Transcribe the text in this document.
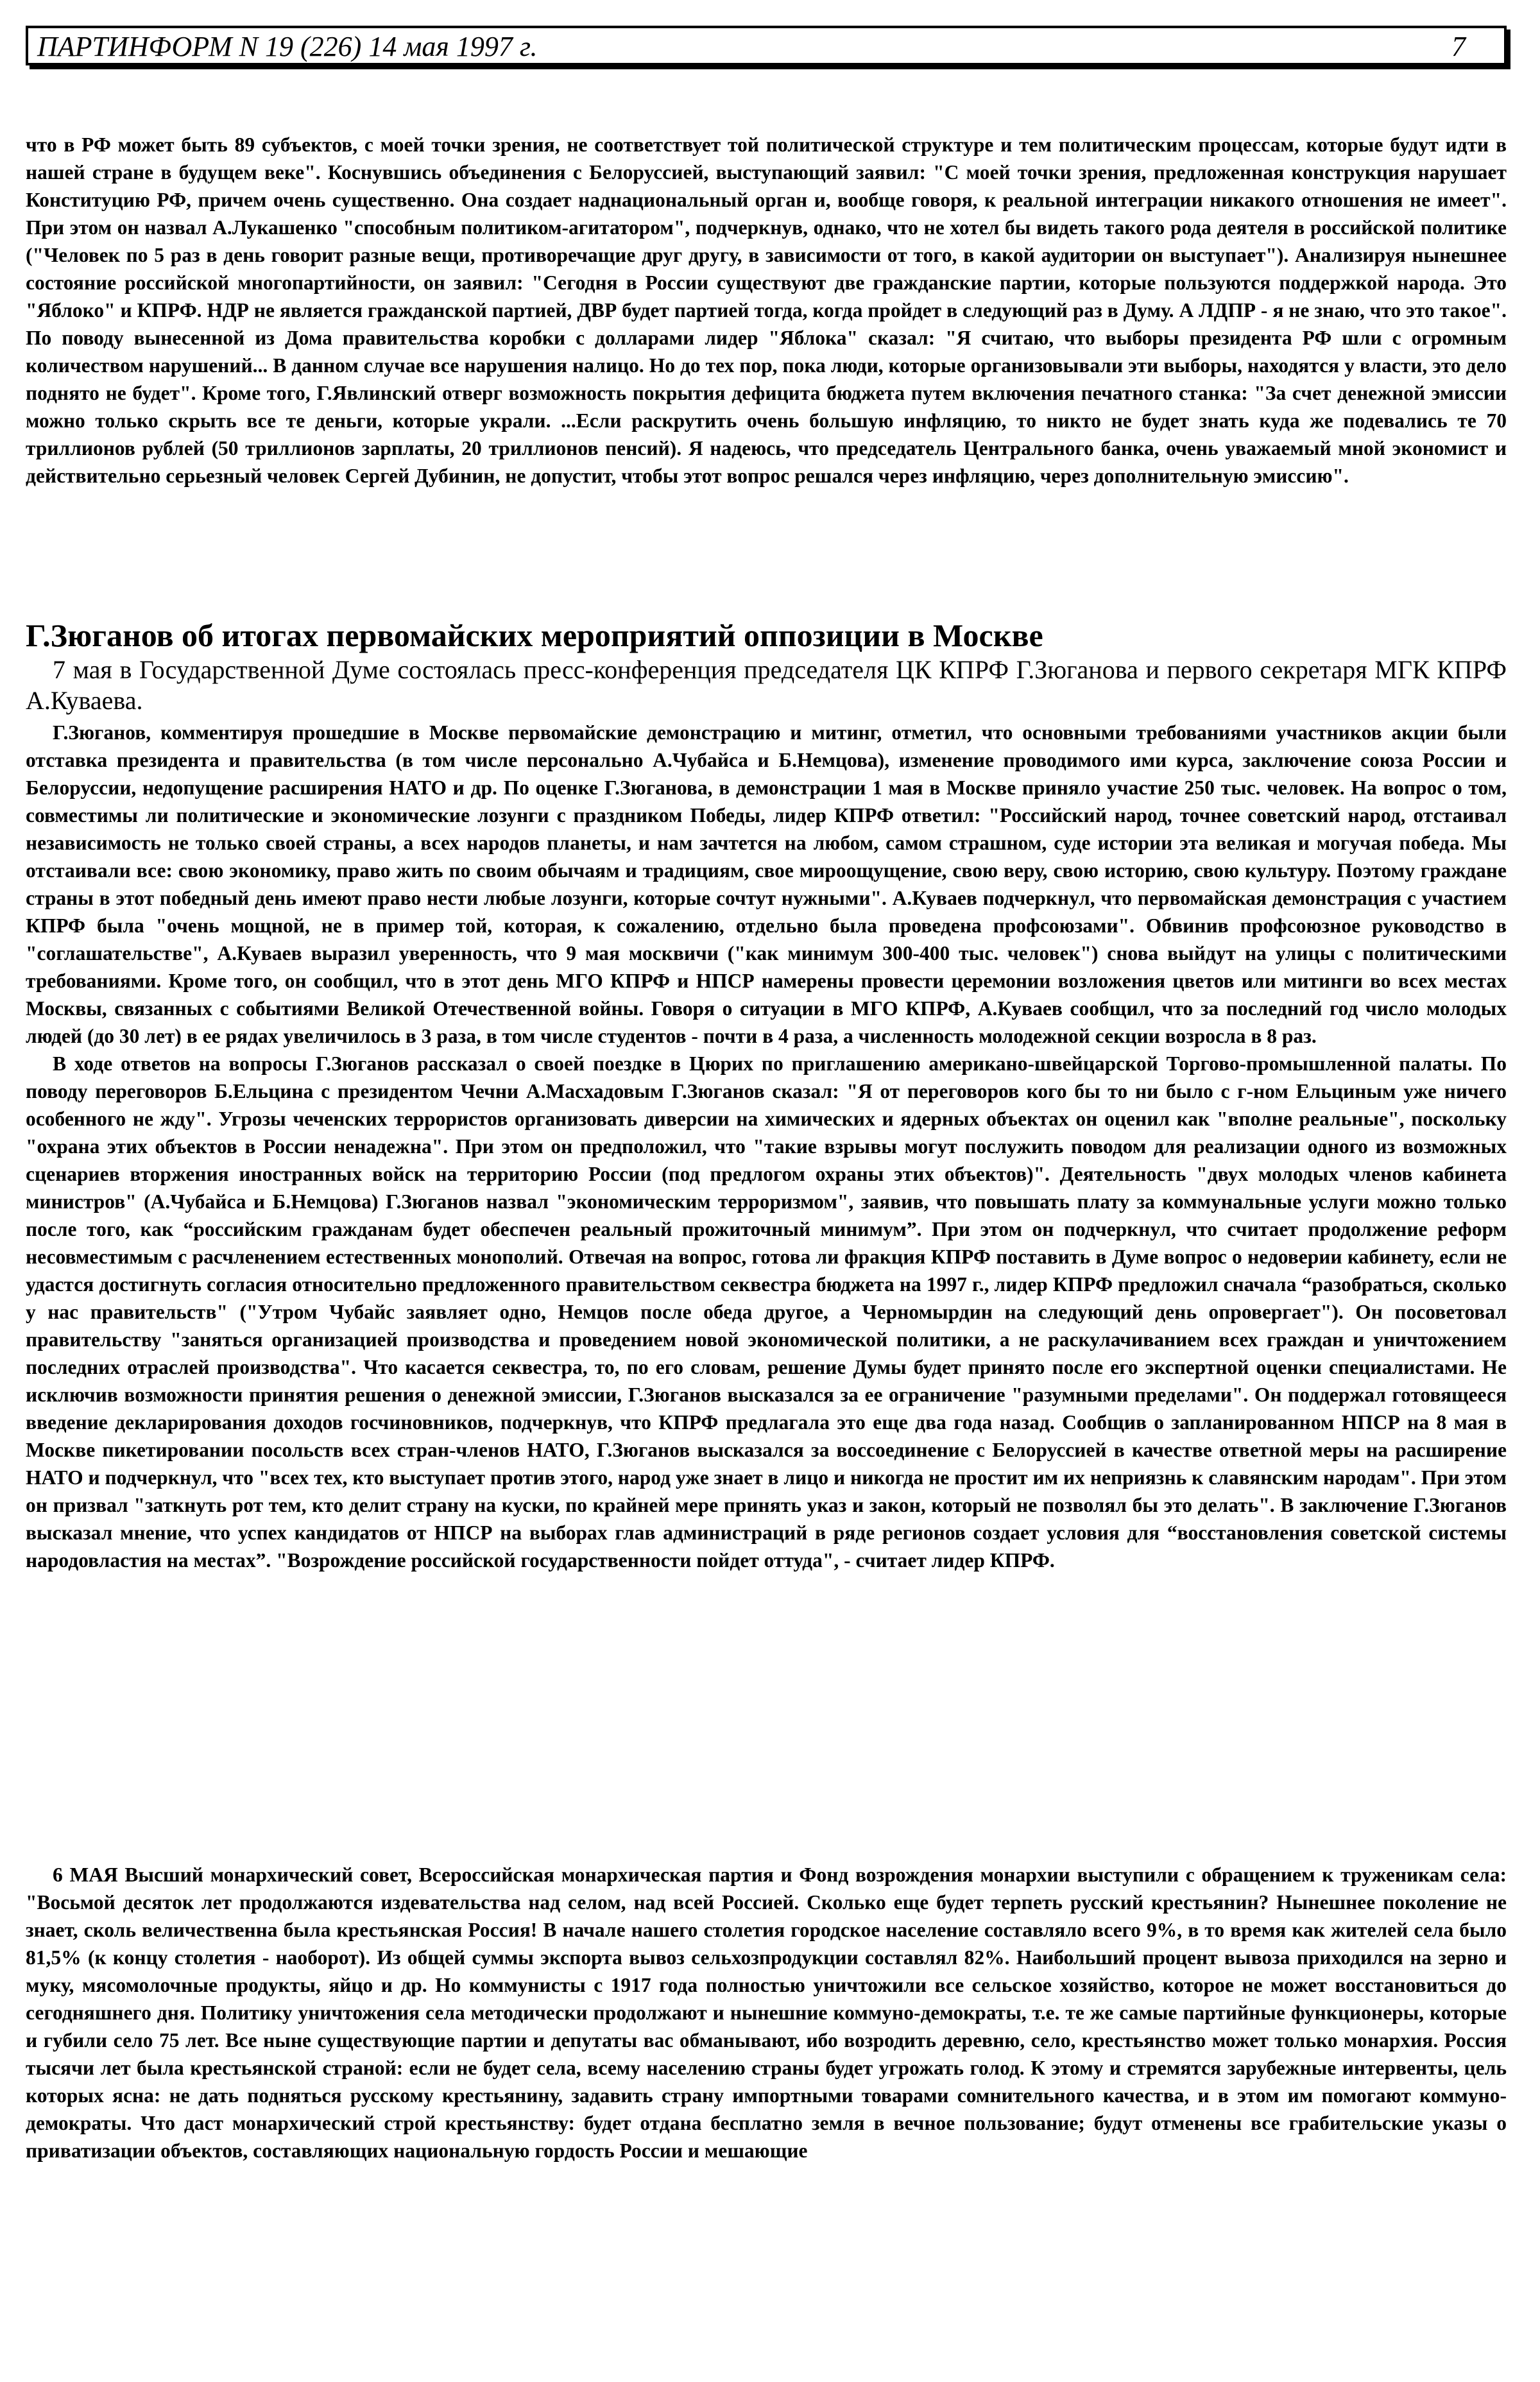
ПАРТИНФОРМ N 19 (226) 14 мая 1997 г.	7

что в РФ может быть 89 субъектов, с моей точки зрения, не соответствует той политической структуре и тем политическим процессам, которые будут идти в нашей стране в будущем веке". Коснувшись объединения с Белоруссией, выступающий заявил: "С моей точки зрения, предложенная конструкция нарушает Конституцию РФ, причем очень существенно. Она создает наднациональный орган и, вообще говоря, к реальной интеграции никакого отношения не имеет". При этом он назвал А.Лукашенко "способным политиком-агитатором", подчеркнув, однако, что не хотел бы видеть такого рода деятеля в российской политике ("Человек по 5 раз в день говорит разные вещи, противоречащие друг другу, в зависимости от того, в какой аудитории он выступает"). Анализируя нынешнее состояние российской многопартийности, он заявил: "Сегодня в России существуют две гражданские партии, которые пользуются поддержкой народа. Это "Яблоко" и КПРФ. НДР не является гражданской партией, ДВР будет партией тогда, когда пройдет в следующий раз в Думу. А ЛДПР - я не знаю, что это такое". По поводу вынесенной из Дома правительства коробки с долларами лидер "Яблока" сказал: "Я считаю, что выборы президента РФ шли с огромным количеством нарушений... В данном случае все нарушения налицо. Но до тех пор, пока люди, которые организовывали эти выборы, находятся у власти, это дело поднято не будет". Кроме того, Г.Явлинский отверг возможность покрытия дефицита бюджета путем включения печатного станка: "За счет денежной эмиссии можно только скрыть все те деньги, которые украли. ...Если раскрутить очень большую инфляцию, то никто не будет знать куда же подевались те 70 триллионов рублей (50 триллионов зарплаты, 20 триллионов пенсий). Я надеюсь, что председатель Центрального банка, очень уважаемый мной экономист и действительно серьезный человек Сергей Дубинин, не допустит, чтобы этот вопрос решался через инфляцию, через дополнительную эмиссию".

Г.Зюганов об итогах первомайских мероприятий оппозиции в Москве

7 мая в Государственной Думе состоялась пресс-конференция председателя ЦК КПРФ Г.Зюганова и первого секретаря МГК КПРФ А.Куваева.

Г.Зюганов, комментируя прошедшие в Москве первомайские демонстрацию и митинг, отметил, что основными требованиями участников акции были отставка президента и правительства (в том числе персонально А.Чубайса и Б.Немцова), изменение проводимого ими курса, заключение союза России и Белоруссии, недопущение расширения НАТО и др. По оценке Г.Зюганова, в демонстрации 1 мая в Москве приняло участие 250 тыс. человек. На вопрос о том, совместимы ли политические и экономические лозунги с праздником Победы, лидер КПРФ ответил: "Российский народ, точнее советский народ, отстаивал независимость не только своей страны, а всех народов планеты, и нам зачтется на любом, самом страшном, суде истории эта великая и могучая победа. Мы отстаивали все: свою экономику, право жить по своим обычаям и традициям, свое мироощущение, свою веру, свою историю, свою культуру. Поэтому граждане страны в этот победный день имеют право нести любые лозунги, которые сочтут нужными". А.Куваев подчеркнул, что первомайская демонстрация с участием КПРФ была "очень мощной, не в пример той, которая, к сожалению, отдельно была проведена профсоюзами". Обвинив профсоюзное руководство в "соглашательстве", А.Куваев выразил уверенность, что 9 мая москвичи ("как минимум 300-400 тыс. человек") снова выйдут на улицы с политическими требованиями. Кроме того, он сообщил, что в этот день МГО КПРФ и НПСР намерены провести церемонии возложения цветов или митинги во всех местах Москвы, связанных с событиями Великой Отечественной войны. Говоря о ситуации в МГО КПРФ, А.Куваев сообщил, что за последний год число молодых людей (до 30 лет) в ее рядах увеличилось в 3 раза, в том числе студентов - почти в 4 раза, а численность молодежной секции возросла в 8 раз.

В ходе ответов на вопросы Г.Зюганов рассказал о своей поездке в Цюрих по приглашению американо-швейцарской Торгово-промышленной палаты. По поводу переговоров Б.Ельцина с президентом Чечни А.Масхадовым Г.Зюганов сказал: "Я от переговоров кого бы то ни было с г-ном Ельциным уже ничего особенного не жду". Угрозы чеченских террористов организовать диверсии на химических и ядерных объектах он оценил как "вполне реальные", поскольку "охрана этих объектов в России ненадежна". При этом он предположил, что "такие взрывы могут послужить поводом для реализации одного из возможных сценариев вторжения иностранных войск на территорию России (под предлогом охраны этих объектов)". Деятельность "двух молодых членов кабинета министров" (А.Чубайса и Б.Немцова) Г.Зюганов назвал "экономическим терроризмом", заявив, что повышать плату за коммунальные услуги можно только после того, как “российским гражданам будет обеспечен реальный прожиточный минимум”. При этом он подчеркнул, что считает продолжение реформ несовместимым с расчленением естественных монополий. Отвечая на вопрос, готова ли фракция КПРФ поставить в Думе вопрос о недоверии кабинету, если не удастся достигнуть согласия относительно предложенного правительством секвестра бюджета на 1997 г., лидер КПРФ предложил сначала “разобраться, сколько у нас правительств" ("Утром Чубайс заявляет одно, Немцов после обеда другое, а Черномырдин на следующий день опровергает"). Он посоветовал правительству "заняться организацией производства и проведением новой экономической политики, а не раскулачиванием всех граждан и уничтожением последних отраслей производства". Что касается секвестра, то, по его словам, решение Думы будет принято после его экспертной оценки специалистами. Не исключив возможности принятия решения о денежной эмиссии, Г.Зюганов высказался за ее ограничение "разумными пределами". Он поддержал готовящееся введение декларирования доходов госчиновников, подчеркнув, что КПРФ предлагала это еще два года назад. Сообщив о запланированном НПСР на 8 мая в Москве пикетировании посольств всех стран-членов НАТО, Г.Зюганов высказался за воссоединение с Белоруссией в качестве ответной меры на расширение НАТО и подчеркнул, что "всех тех, кто выступает против этого, народ уже знает в лицо и никогда не простит им их неприязнь к славянским народам". При этом он призвал "заткнуть рот тем, кто делит страну на куски, по крайней мере принять указ и закон, который не позволял бы это делать". В заключение Г.Зюганов высказал мнение, что успех кандидатов от НПСР на выборах глав администраций в ряде регионов создает условия для “восстановления советской системы народовластия на местах”. "Возрождение российской государственности пойдет оттуда", - считает лидер КПРФ.

6 МАЯ Высший монархический совет, Всероссийская монархическая партия и Фонд возрождения монархии выступили с обращением к труженикам села: "Восьмой десяток лет продолжаются издевательства над селом, над всей Россией. Сколько еще будет терпеть русский крестьянин? Нынешнее поколение не знает, сколь величественна была крестьянская Россия! В начале нашего столетия городское население составляло всего 9%, в то время как жителей села было 81,5% (к концу столетия - наоборот). Из общей суммы экспорта вывоз сельхозпродукции составлял 82%. Наибольший процент вывоза приходился на зерно и муку, мясомолочные продукты, яйцо и др. Но коммунисты с 1917 года полностью уничтожили все сельское хозяйство, которое не может восстановиться до сегодняшнего дня. Политику уничтожения села методически продолжают и нынешние коммуно-демократы, т.е. те же самые партийные функционеры, которые и губили село 75 лет. Все ныне существующие партии и депутаты вас обманывают, ибо возродить деревню, село, крестьянство может только монархия. Россия тысячи лет была крестьянской страной: если не будет села, всему населению страны будет угрожать голод. К этому и стремятся зарубежные интервенты, цель которых ясна: не дать подняться русскому крестьянину, задавить страну импортными товарами сомнительного качества, и в этом им помогают коммуно-демократы. Что даст монархический строй крестьянству: будет отдана бесплатно земля в вечное пользование; будут отменены все грабительские указы о приватизации объектов, составляющих национальную гордость России и мешающие
